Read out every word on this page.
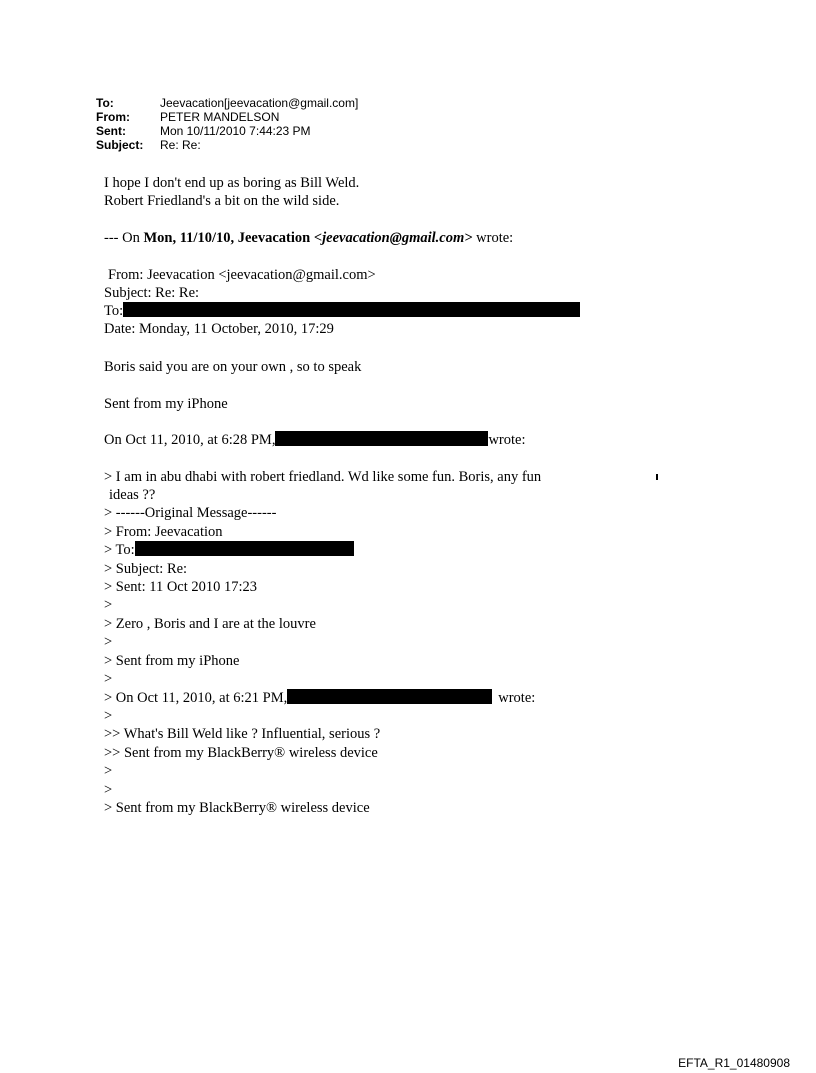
To:	Jeevacation[jeevacation@gmail.com]
From:	PETER MANDELSON
Sent:	Mon 10/11/2010 7:44:23 PM
Subject:	Re: Re:
I hope I don't end up as boring as Bill Weld.
Robert Friedland's a bit on the wild side.
--- On Mon, 11/10/10, Jeevacation <jeevacation@gmail.com> wrote:
From: Jeevacation <jeevacation@gmail.com>
Subject: Re: Re:
To:
Date: Monday, 11 October, 2010, 17:29
Boris said you are on your own , so to speak
Sent from my iPhone
On Oct 11, 2010, at 6:28 PM,	wrote:
> I am in abu dhabi with robert friedland. Wd like some fun. Boris, any fun
ideas ??
> ------Original Message------
> From: Jeevacation
> To:
> Subject: Re:
> Sent: 11 Oct 2010 17:23
>
> Zero , Boris and I are at the louvre
>
> Sent from my iPhone
>
> On Oct 11, 2010, at 6:21 PM,	wrote:
>
>> What's Bill Weld like ? Influential, serious ?
>> Sent from my BlackBerry® wireless device
>
>
> Sent from my BlackBerry® wireless device
EFTA_R1_01480908
